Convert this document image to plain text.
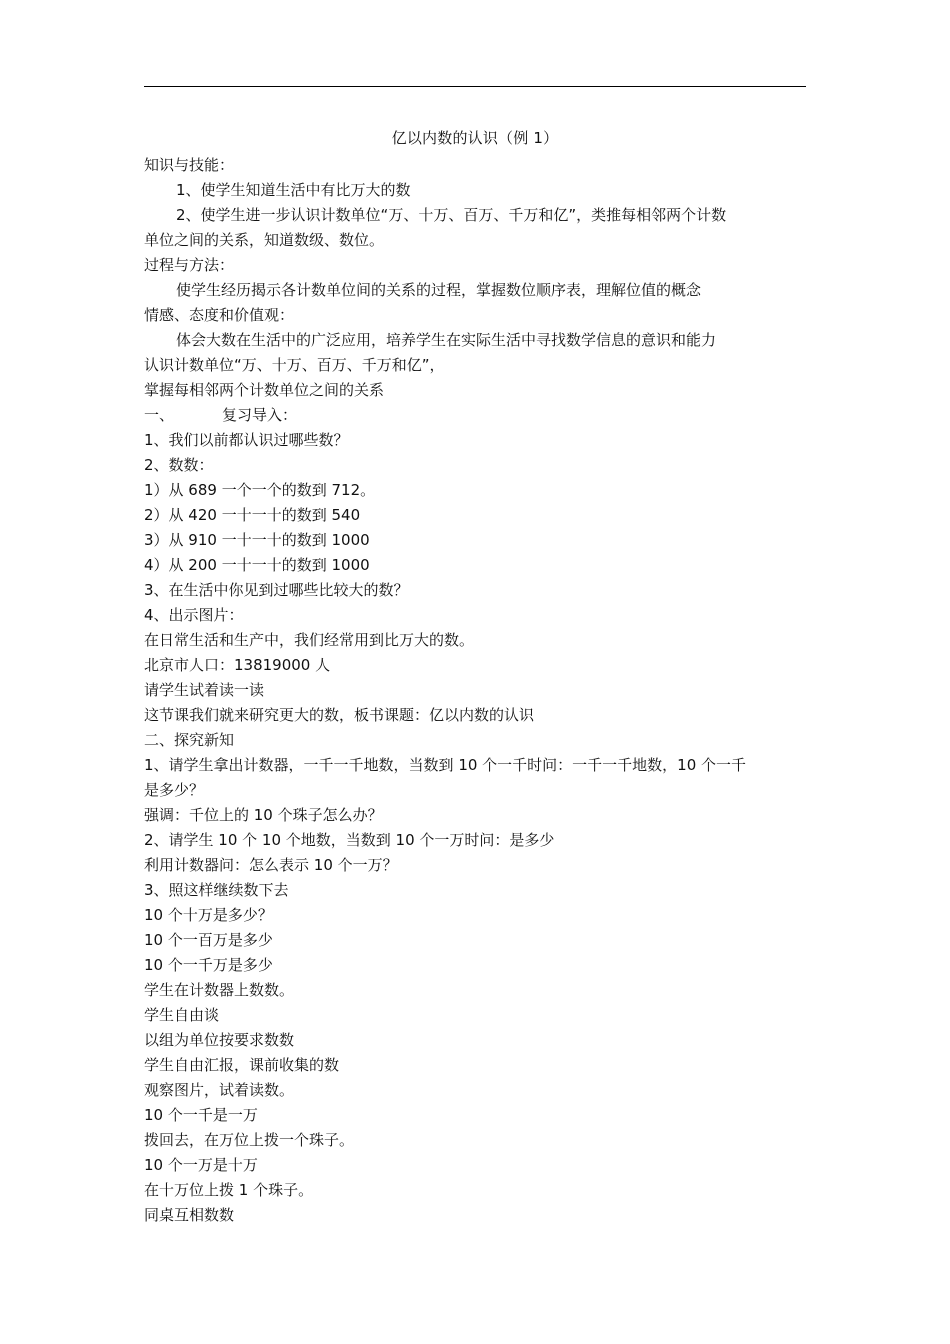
亿以内数的认识（例 1）
知识与技能：
1、使学生知道生活中有比万大的数
2、使学生进一步认识计数单位“万、十万、百万、千万和亿”，类推每相邻两个计数
单位之间的关系，知道数级、数位。
过程与方法：
使学生经历揭示各计数单位间的关系的过程，掌握数位顺序表，理解位值的概念
情感、态度和价值观：
体会大数在生活中的广泛应用，培养学生在实际生活中寻找数学信息的意识和能力
认识计数单位“万、十万、百万、千万和亿”，
掌握每相邻两个计数单位之间的关系
一、	复习导入：
1、我们以前都认识过哪些数？
2、数数：
1）从 689 一个一个的数到 712。
2）从 420 一十一十的数到 540
3）从 910 一十一十的数到 1000
4）从 200 一十一十的数到 1000
3、在生活中你见到过哪些比较大的数？
4、出示图片：
在日常生活和生产中，我们经常用到比万大的数。
北京市人口：13819000 人
请学生试着读一读
这节课我们就来研究更大的数，板书课题：亿以内数的认识
二、探究新知
1、请学生拿出计数器，一千一千地数，当数到 10 个一千时问：一千一千地数，10 个一千
是多少？
强调：千位上的 10 个珠子怎么办？
2、请学生 10 个 10 个地数，当数到 10 个一万时问：是多少
利用计数器问：怎么表示 10 个一万？
3、照这样继续数下去
10 个十万是多少？
10 个一百万是多少
10 个一千万是多少
学生在计数器上数数。
学生自由谈
以组为单位按要求数数
学生自由汇报，课前收集的数
观察图片，试着读数。
10 个一千是一万
拨回去，在万位上拨一个珠子。
10 个一万是十万
在十万位上拨 1 个珠子。
同桌互相数数
